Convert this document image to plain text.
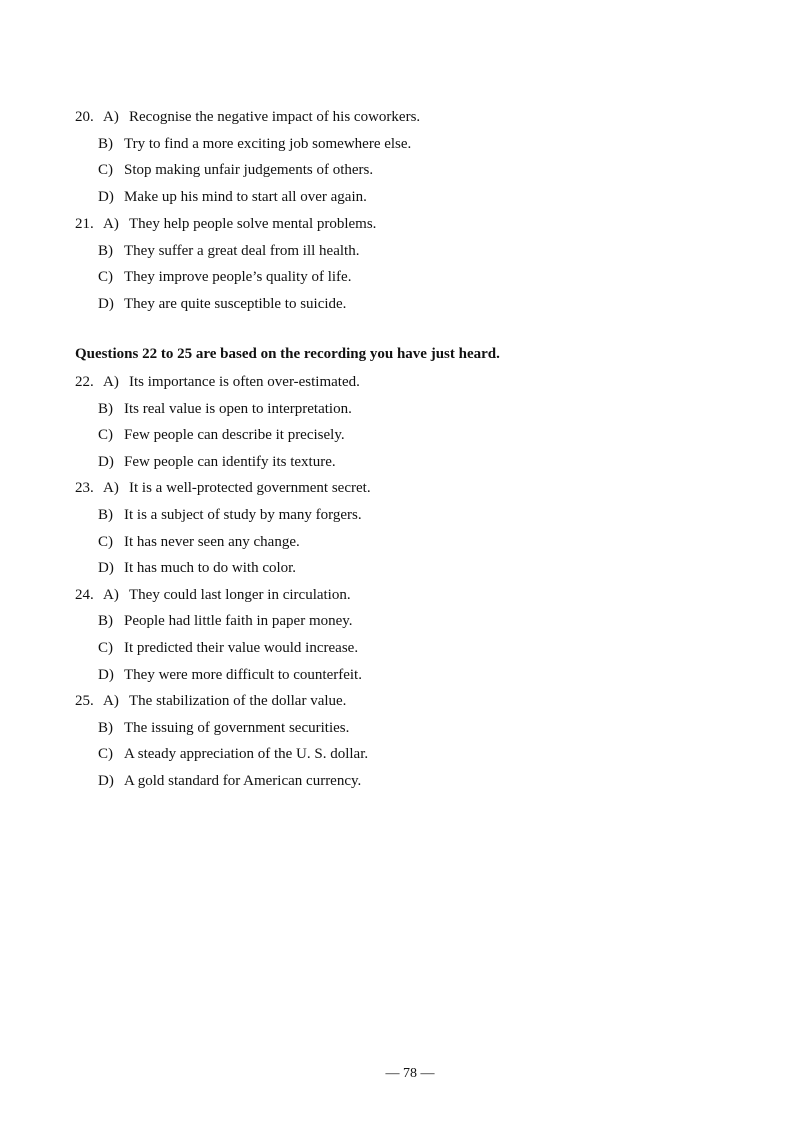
20. A) Recognise the negative impact of his coworkers.
B) Try to find a more exciting job somewhere else.
C) Stop making unfair judgements of others.
D) Make up his mind to start all over again.
21. A) They help people solve mental problems.
B) They suffer a great deal from ill health.
C) They improve people’s quality of life.
D) They are quite susceptible to suicide.
Questions 22 to 25 are based on the recording you have just heard.
22. A) Its importance is often over-estimated.
B) Its real value is open to interpretation.
C) Few people can describe it precisely.
D) Few people can identify its texture.
23. A) It is a well-protected government secret.
B) It is a subject of study by many forgers.
C) It has never seen any change.
D) It has much to do with color.
24. A) They could last longer in circulation.
B) People had little faith in paper money.
C) It predicted their value would increase.
D) They were more difficult to counterfeit.
25. A) The stabilization of the dollar value.
B) The issuing of government securities.
C) A steady appreciation of the U. S. dollar.
D) A gold standard for American currency.
— 78 —
